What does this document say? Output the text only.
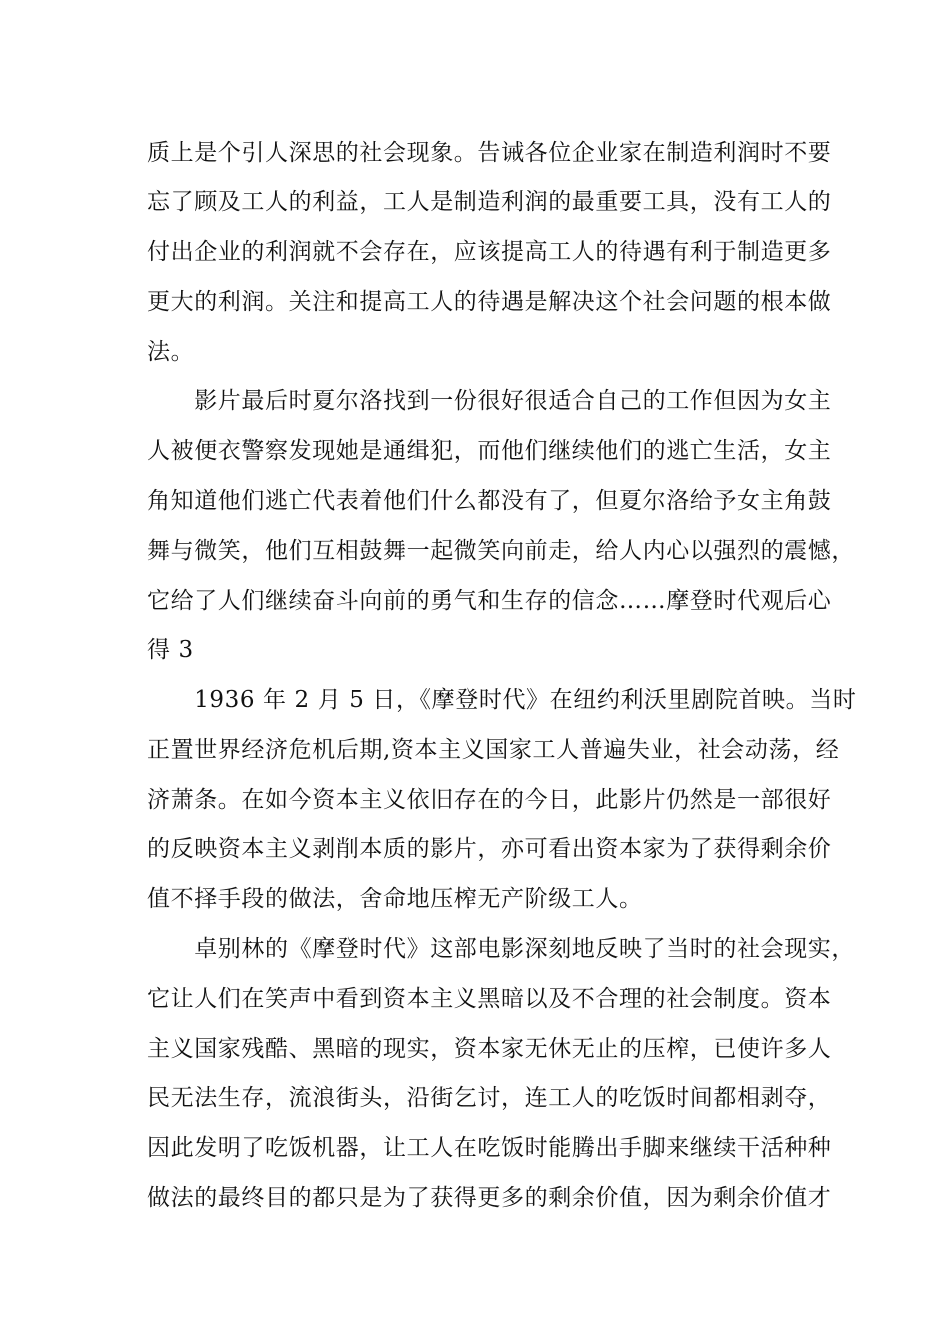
质上是个引人深思的社会现象。告诫各位企业家在制造利润时不要
忘了顾及工人的利益，工人是制造利润的最重要工具，没有工人的
付出企业的利润就不会存在，应该提高工人的待遇有利于制造更多
更大的利润。关注和提高工人的待遇是解决这个社会问题的根本做
法。
　　影片最后时夏尔洛找到一份很好很适合自己的工作但因为女主
人被便衣警察发现她是通缉犯，而他们继续他们的逃亡生活，女主
角知道他们逃亡代表着他们什么都没有了，但夏尔洛给予女主角鼓
舞与微笑，他们互相鼓舞一起微笑向前走，给人内心以强烈的震憾，
它给了人们继续奋斗向前的勇气和生存的信念……摩登时代观后心
得 3
　　1936 年 2 月 5 日，《摩登时代》在纽约利沃里剧院首映。当时
正置世界经济危机后期,资本主义国家工人普遍失业，社会动荡，经
济萧条。在如今资本主义依旧存在的今日，此影片仍然是一部很好
的反映资本主义剥削本质的影片，亦可看出资本家为了获得剩余价
值不择手段的做法，舍命地压榨无产阶级工人。
　　卓别林的《摩登时代》这部电影深刻地反映了当时的社会现实，
它让人们在笑声中看到资本主义黑暗以及不合理的社会制度。资本
主义国家残酷、黑暗的现实，资本家无休无止的压榨，已使许多人
民无法生存，流浪街头，沿街乞讨，连工人的吃饭时间都相剥夺，
因此发明了吃饭机器，让工人在吃饭时能腾出手脚来继续干活种种
做法的最终目的都只是为了获得更多的剩余价值，因为剩余价值才
